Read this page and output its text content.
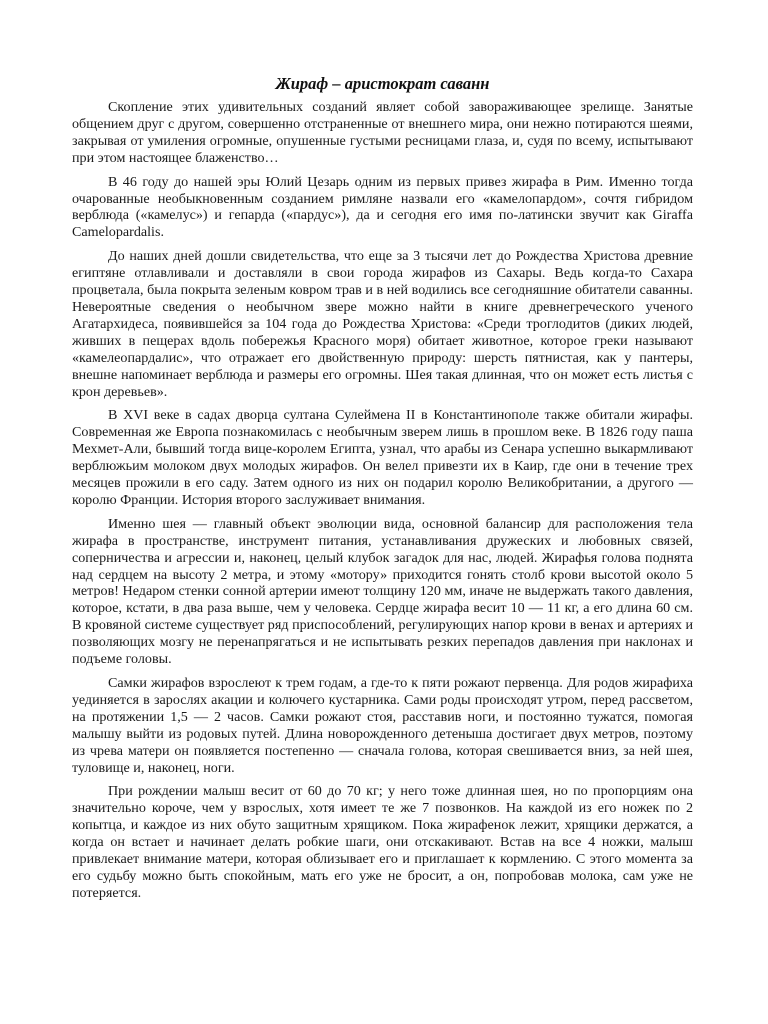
Жираф – аристократ саванн

Скопление этих удивительных созданий являет собой завораживающее зрелище. Занятые общением друг с другом, совершенно отстраненные от внешнего мира, они нежно потираются шеями, закрывая от умиления огромные, опушенные густыми ресницами глаза, и, судя по всему, испытывают при этом настоящее блаженство…

В 46 году до нашей эры Юлий Цезарь одним из первых привез жирафа в Рим. Именно тогда очарованные необыкновенным созданием римляне назвали его «камелопардом», сочтя гибридом верблюда («камелус») и гепарда («пардус»), да и сегодня его имя по-латински звучит как Giraffa Camelopardalis.

До наших дней дошли свидетельства, что еще за 3 тысячи лет до Рождества Христова древние египтяне отлавливали и доставляли в свои города жирафов из Сахары. Ведь когда-то Сахара процветала, была покрыта зеленым ковром трав и в ней водились все сегодняшние обитатели саванны. Невероятные сведения о необычном звере можно найти в книге древнегреческого ученого Агатархидеса, появившейся за 104 года до Рождества Христова: «Среди троглодитов (диких людей, живших в пещерах вдоль побережья Красного моря) обитает животное, которое греки называют «камелеопардалис», что отражает его двойственную природу: шерсть пятнистая, как у пантеры, внешне напоминает верблюда и размеры его огромны. Шея такая длинная, что он может есть листья с крон деревьев».

В XVI веке в садах дворца султана Сулеймена II в Константинополе также обитали жирафы. Современная же Европа познакомилась с необычным зверем лишь в прошлом веке. В 1826 году паша Мехмет-Али, бывший тогда вице-королем Египта, узнал, что арабы из Сенара успешно выкармливают верблюжьим молоком двух молодых жирафов. Он велел привезти их в Каир, где они в течение трех месяцев прожили в его саду. Затем одного из них он подарил королю Великобритании, а другого — королю Франции. История второго заслуживает внимания.

Именно шея — главный объект эволюции вида, основной балансир для расположения тела жирафа в пространстве, инструмент питания, устанавливания дружеских и любовных связей, соперничества и агрессии и, наконец, целый клубок загадок для нас, людей. Жирафья голова поднята над сердцем на высоту 2 метра, и этому «мотору» приходится гонять столб крови высотой около 5 метров! Недаром стенки сонной артерии имеют толщину 120 мм, иначе не выдержать такого давления, которое, кстати, в два раза выше, чем у человека. Сердце жирафа весит 10 — 11 кг, а его длина 60 см. В кровяной системе существует ряд приспособлений, регулирующих напор крови в венах и артериях и позволяющих мозгу не перенапрягаться и не испытывать резких перепадов давления при наклонах и подъеме головы.

Самки жирафов взрослеют к трем годам, а где-то к пяти рожают первенца. Для родов жирафиха уединяется в зарослях акации и колючего кустарника. Сами роды происходят утром, перед рассветом, на протяжении 1,5 — 2 часов. Самки рожают стоя, расставив ноги, и постоянно тужатся, помогая малышу выйти из родовых путей. Длина новорожденного детеныша достигает двух метров, поэтому из чрева матери он появляется постепенно — сначала голова, которая свешивается вниз, за ней шея, туловище и, наконец, ноги.

При рождении малыш весит от 60 до 70 кг; у него тоже длинная шея, но по пропорциям она значительно короче, чем у взрослых, хотя имеет те же 7 позвонков. На каждой из его ножек по 2 копытца, и каждое из них обуто защитным хрящиком. Пока жирафенок лежит, хрящики держатся, а когда он встает и начинает делать робкие шаги, они отскакивают. Встав на все 4 ножки, малыш привлекает внимание матери, которая облизывает его и приглашает к кормлению. С этого момента за его судьбу можно быть спокойным, мать его уже не бросит, а он, попробовав молока, сам уже не потеряется.
